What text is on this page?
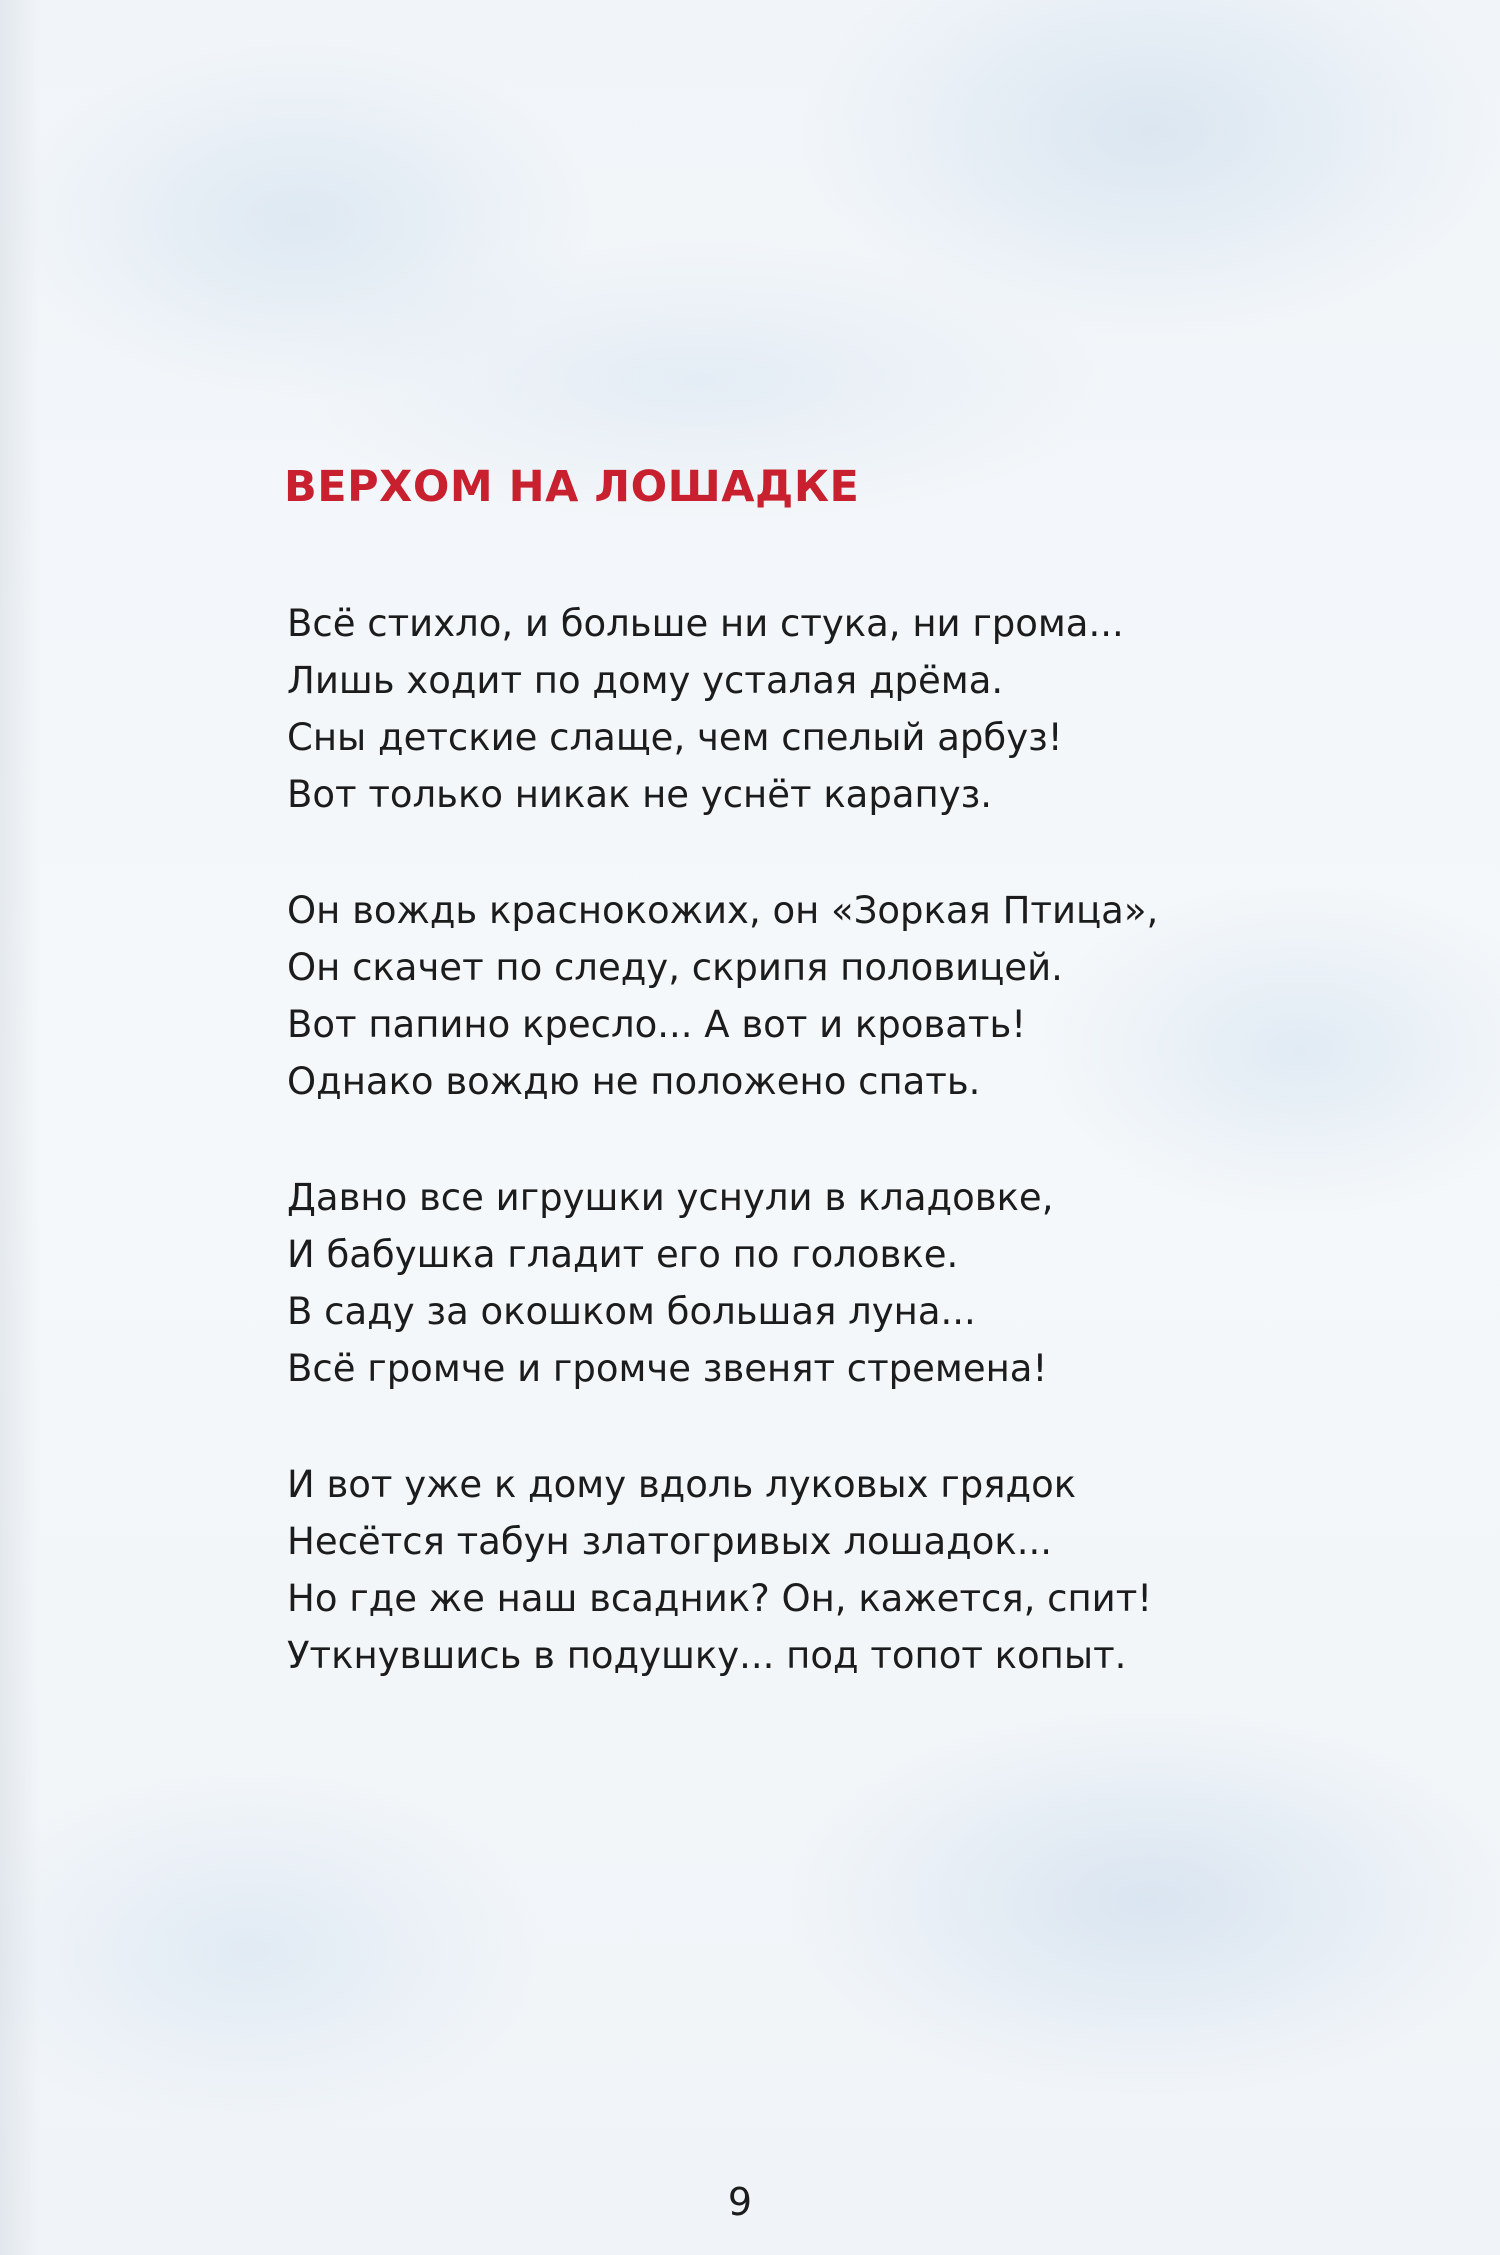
ВЕРХОМ НА ЛОШАДКЕ
Всё стихло, и больше ни стука, ни грома...
Лишь ходит по дому усталая дрёма.
Сны детские слаще, чем спелый арбуз!
Вот только никак не уснёт карапуз.
Он вождь краснокожих, он «Зоркая Птица»,
Он скачет по следу, скрипя половицей.
Вот папино кресло... А вот и кровать!
Однако вождю не положено спать.
Давно все игрушки уснули в кладовке,
И бабушка гладит его по головке.
В саду за окошком большая луна...
Всё громче и громче звенят стремена!
И вот уже к дому вдоль луковых грядок
Несётся табун златогривых лошадок...
Но где же наш всадник? Он, кажется, спит!
Уткнувшись в подушку... под топот копыт.
9
